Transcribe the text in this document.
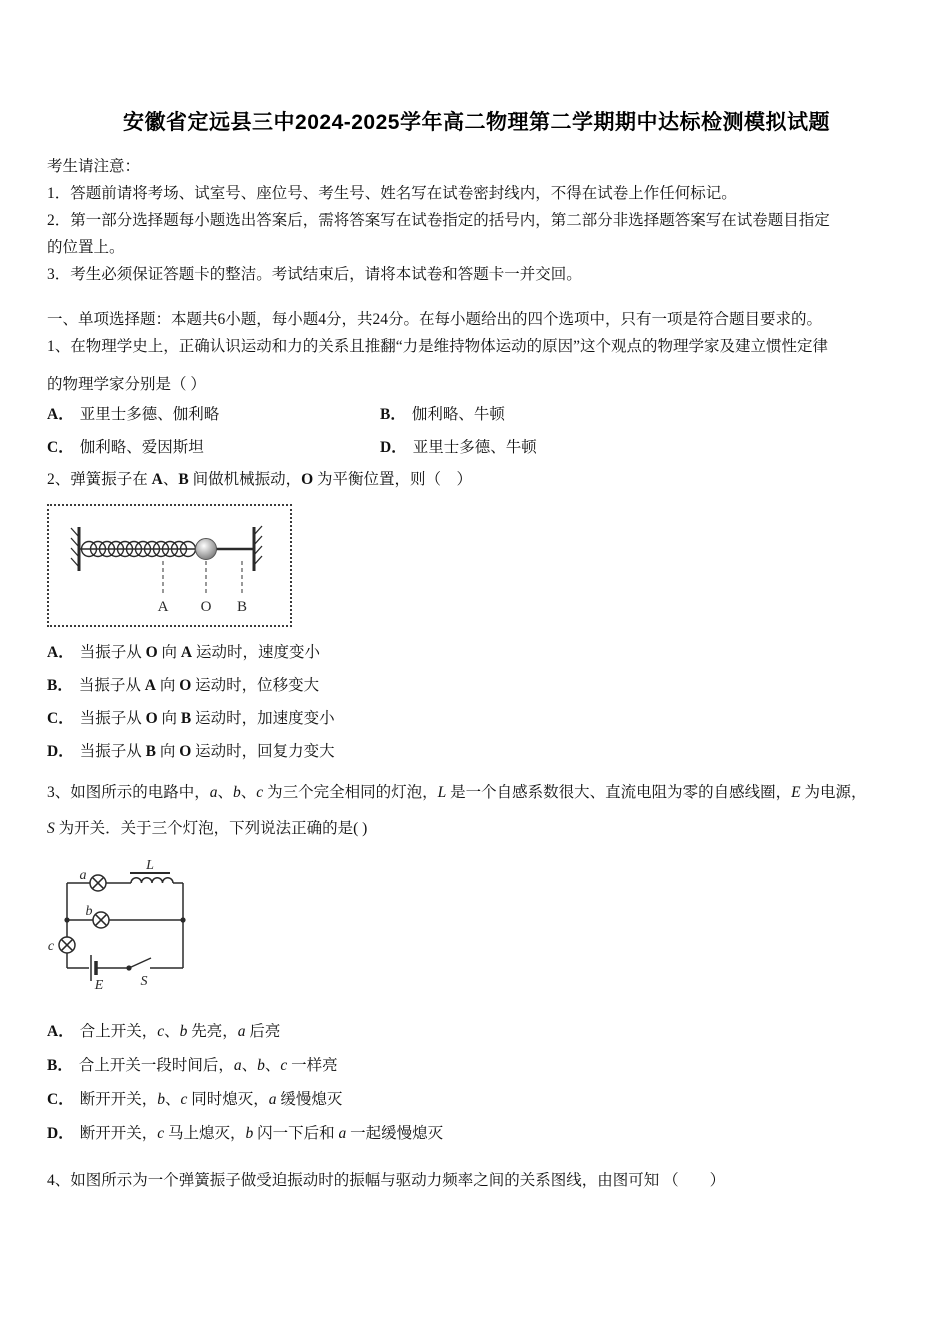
安徽省定远县三中2024-2025学年高二物理第二学期期中达标检测模拟试题
考生请注意：
1．答题前请将考场、试室号、座位号、考生号、姓名写在试卷密封线内，不得在试卷上作任何标记。
2．第一部分选择题每小题选出答案后，需将答案写在试卷指定的括号内，第二部分非选择题答案写在试卷题目指定
的位置上。
3．考生必须保证答题卡的整洁。考试结束后，请将本试卷和答题卡一并交回。
一、单项选择题：本题共6小题，每小题4分，共24分。在每小题给出的四个选项中，只有一项是符合题目要求的。
1、在物理学史上，正确认识运动和力的关系且推翻“力是维持物体运动的原因”这个观点的物理学家及建立惯性定律
的物理学家分别是（ ）
A． 亚里士多德、伽利略	B． 伽利略、牛顿
C． 伽利略、爱因斯坦	D． 亚里士多德、牛顿
2、弹簧振子在 A、B 间做机械振动，O 为平衡位置，则（　）
A O B
A． 当振子从 O 向 A 运动时，速度变小
B． 当振子从 A 向 O 运动时，位移变大
C． 当振子从 O 向 B 运动时，加速度变小
D． 当振子从 B 向 O 运动时，回复力变大
3、如图所示的电路中，a、b、c 为三个完全相同的灯泡，L 是一个自感系数很大、直流电阻为零的自感线圈，E 为电源，
S 为开关．关于三个灯泡，下列说法正确的是( )
a
b
c
L
E	S
A． 合上开关，c、b 先亮，a 后亮
B． 合上开关一段时间后，a、b、c 一样亮
C． 断开开关，b、c 同时熄灭，a 缓慢熄灭
D． 断开开关，c 马上熄灭，b 闪一下后和 a 一起缓慢熄灭
4、如图所示为一个弹簧振子做受迫振动时的振幅与驱动力频率之间的关系图线，由图可知 （　　）
